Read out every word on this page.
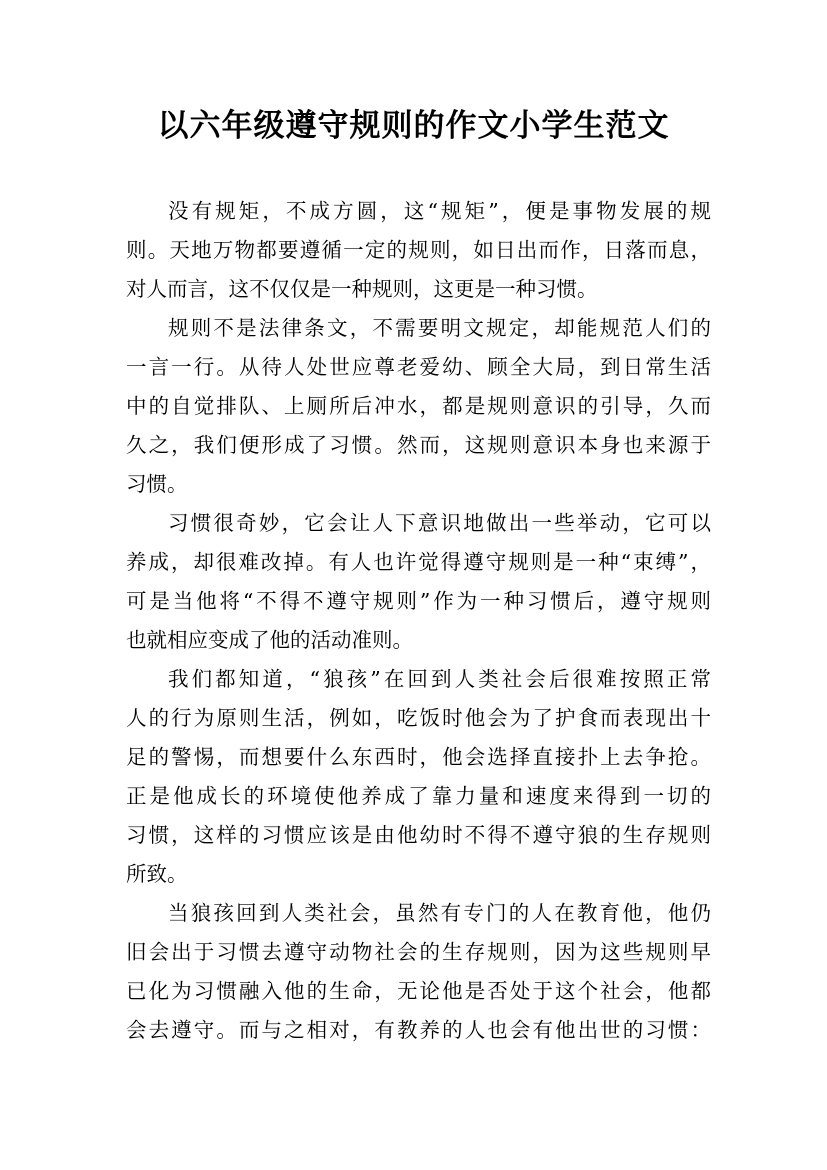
以六年级遵守规则的作文小学生范文

没有规矩，不成方圆，这“规矩”，便是事物发展的规
则。天地万物都要遵循一定的规则，如日出而作，日落而息，
对人而言，这不仅仅是一种规则，这更是一种习惯。

规则不是法律条文，不需要明文规定，却能规范人们的
一言一行。从待人处世应尊老爱幼、顾全大局，到日常生活
中的自觉排队、上厕所后冲水，都是规则意识的引导，久而
久之，我们便形成了习惯。然而，这规则意识本身也来源于
习惯。

习惯很奇妙，它会让人下意识地做出一些举动，它可以
养成，却很难改掉。有人也许觉得遵守规则是一种“束缚”，
可是当他将“不得不遵守规则”作为一种习惯后，遵守规则
也就相应变成了他的活动准则。

我们都知道，“狼孩”在回到人类社会后很难按照正常
人的行为原则生活，例如，吃饭时他会为了护食而表现出十
足的警惕，而想要什么东西时，他会选择直接扑上去争抢。
正是他成长的环境使他养成了靠力量和速度来得到一切的
习惯，这样的习惯应该是由他幼时不得不遵守狼的生存规则
所致。

当狼孩回到人类社会，虽然有专门的人在教育他，他仍
旧会出于习惯去遵守动物社会的生存规则，因为这些规则早
已化为习惯融入他的生命，无论他是否处于这个社会，他都
会去遵守。而与之相对，有教养的人也会有他出世的习惯：
